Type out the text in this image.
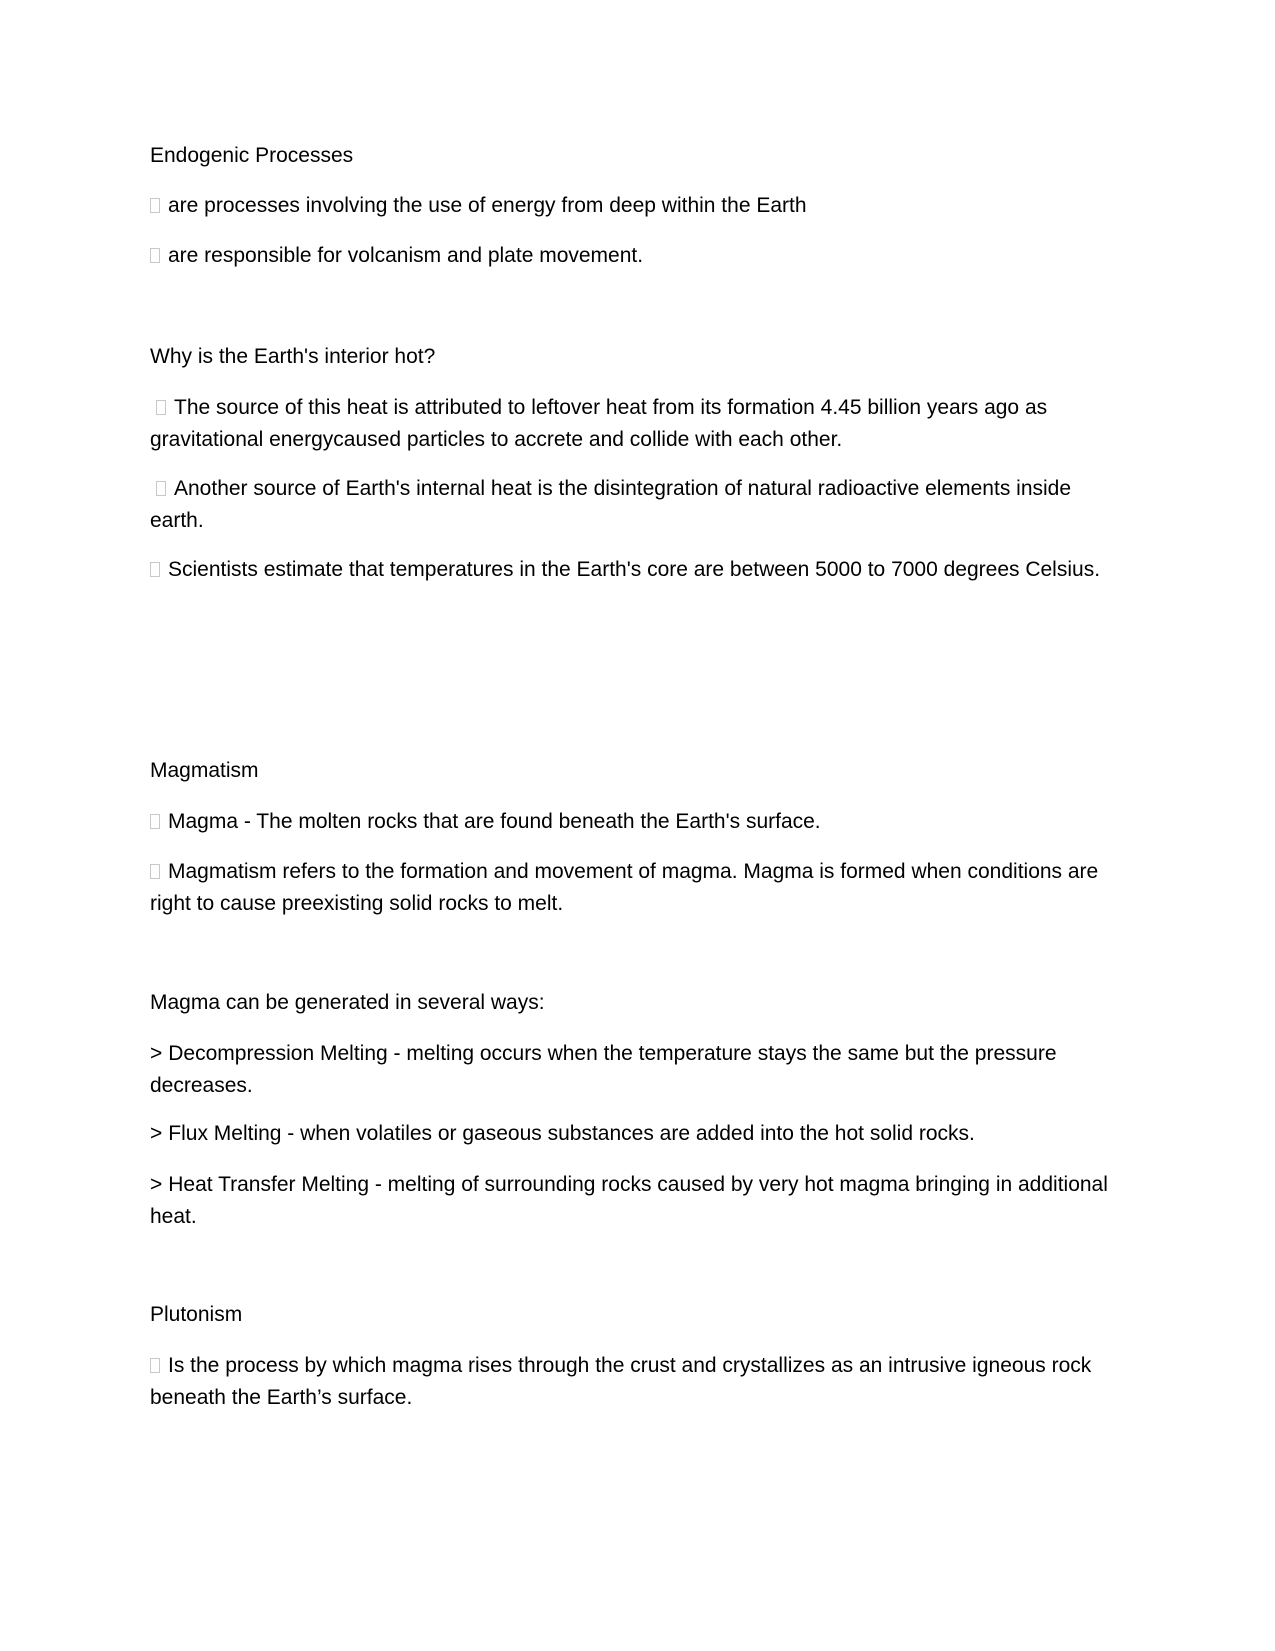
Endogenic Processes
are processes involving the use of energy from deep within the Earth
are responsible for volcanism and plate movement.
Why is the Earth's interior hot?
The source of this heat is attributed to leftover heat from its formation 4.45 billion years ago as gravitational energycaused particles to accrete and collide with each other.
Another source of Earth's internal heat is the disintegration of natural radioactive elements inside earth.
Scientists estimate that temperatures in the Earth's core are between 5000 to 7000 degrees Celsius.
Magmatism
Magma - The molten rocks that are found beneath the Earth's surface.
Magmatism refers to the formation and movement of magma. Magma is formed when conditions are right to cause preexisting solid rocks to melt.
Magma can be generated in several ways:
> Decompression Melting - melting occurs when the temperature stays the same but the pressure decreases.
> Flux Melting - when volatiles or gaseous substances are added into the hot solid rocks.
> Heat Transfer Melting - melting of surrounding rocks caused by very hot magma bringing in additional heat.
Plutonism
Is the process by which magma rises through the crust and crystallizes as an intrusive igneous rock beneath the Earth’s surface.
